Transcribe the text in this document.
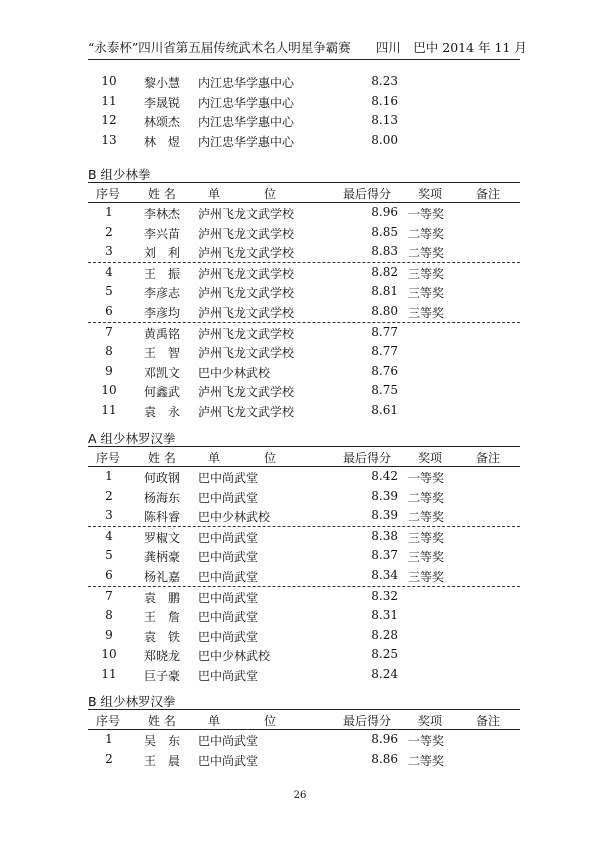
“永泰杯”四川省第五届传统武术名人明星争霸赛　　四川　巴中 2014 年 11 月
10	黎小慧	内江忠华学惠中心	8.23
11	李晟锐	内江忠华学惠中心	8.16
12	林颂杰	内江忠华学惠中心	8.13
13	林　煜	内江忠华学惠中心	8.00
B 组少林拳
序号 姓 名	单	位	最后得分 奖项	备注
1	李林杰	泸州飞龙文武学校	8.96 一等奖
2	李兴苗	泸州飞龙文武学校	8.85 二等奖
3	刘　利	泸州飞龙文武学校	8.83 二等奖
4	王　振	泸州飞龙文武学校	8.82 三等奖
5	李彦志	泸州飞龙文武学校	8.81 三等奖
6	李彦均	泸州飞龙文武学校	8.80 三等奖
7	黄禹铭	泸州飞龙文武学校	8.77
8	王　智	泸州飞龙文武学校	8.77
9	邓凯文	巴中少林武校	8.76
10	何鑫武	泸州飞龙文武学校	8.75
11	袁　永	泸州飞龙文武学校	8.61
A 组少林罗汉拳
序号 姓 名	单	位	最后得分 奖项	备注
1	何政钢	巴中尚武堂	8.42 一等奖
2	杨海东	巴中尚武堂	8.39 二等奖
3	陈科睿	巴中少林武校	8.39 二等奖
4	罗椒文	巴中尚武堂	8.38 三等奖
5	龚柄豪	巴中尚武堂	8.37 三等奖
6	杨礼嘉	巴中尚武堂	8.34 三等奖
7	袁　鹏	巴中尚武堂	8.32
8	王　詹	巴中尚武堂	8.31
9	袁　铁	巴中尚武堂	8.28
10	郑晓龙	巴中少林武校	8.25
11	巨子豪	巴中尚武堂	8.24
B 组少林罗汉拳
序号 姓 名	单	位	最后得分 奖项	备注
1	吴　东	巴中尚武堂	8.96 一等奖
2	王　晨	巴中尚武堂	8.86 二等奖
26
